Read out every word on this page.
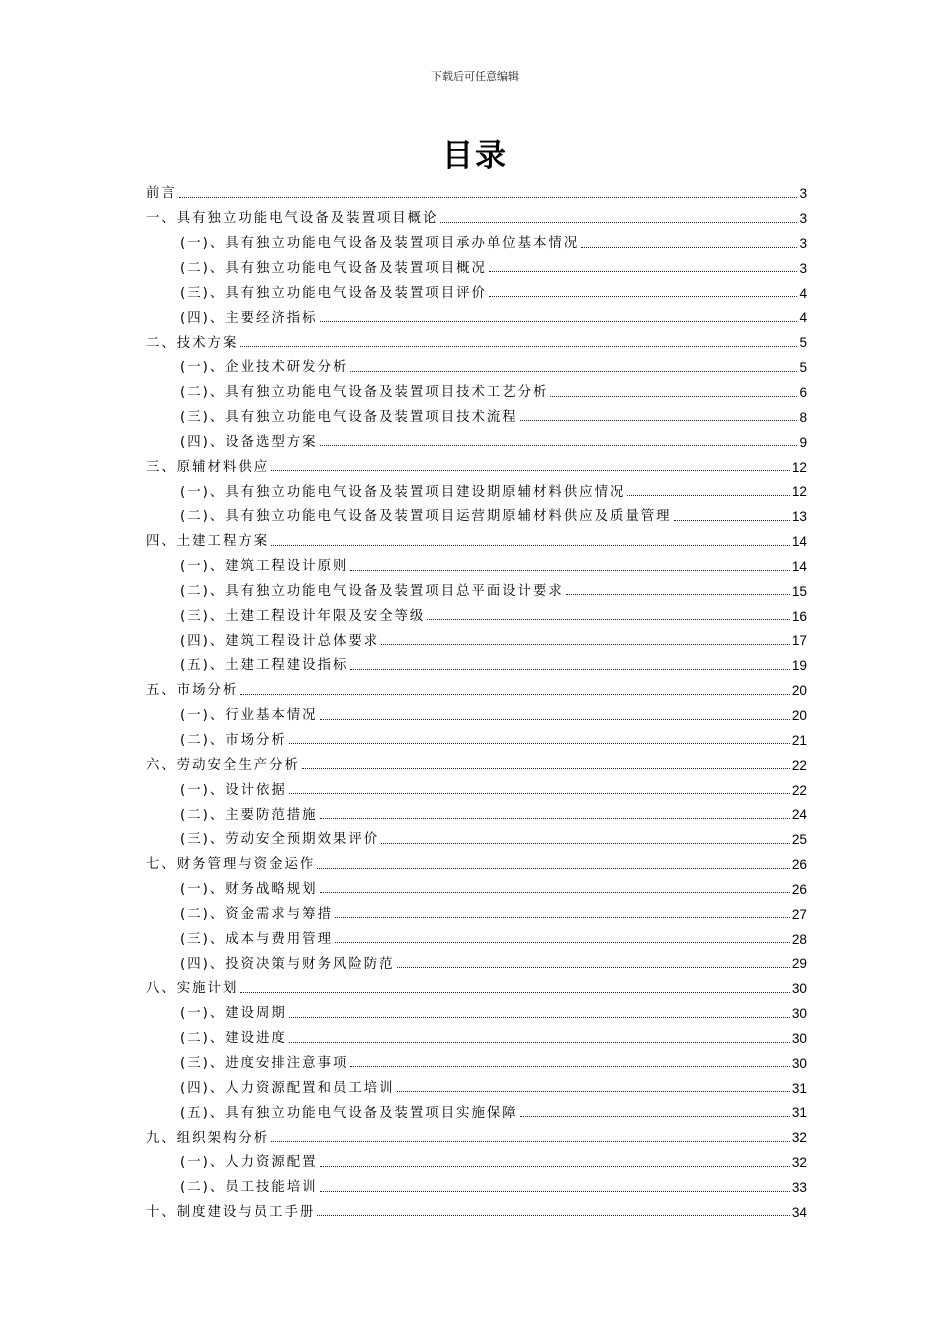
下载后可任意编辑
目录
前言	3
一、具有独立功能电气设备及装置项目概论	3
(一)、具有独立功能电气设备及装置项目承办单位基本情况	3
(二)、具有独立功能电气设备及装置项目概况	3
(三)、具有独立功能电气设备及装置项目评价	4
(四)、主要经济指标	4
二、技术方案	5
(一)、企业技术研发分析	5
(二)、具有独立功能电气设备及装置项目技术工艺分析	6
(三)、具有独立功能电气设备及装置项目技术流程	8
(四)、设备选型方案	9
三、原辅材料供应	12
(一)、具有独立功能电气设备及装置项目建设期原辅材料供应情况	12
(二)、具有独立功能电气设备及装置项目运营期原辅材料供应及质量管理	13
四、土建工程方案	14
(一)、建筑工程设计原则	14
(二)、具有独立功能电气设备及装置项目总平面设计要求	15
(三)、土建工程设计年限及安全等级	16
(四)、建筑工程设计总体要求	17
(五)、土建工程建设指标	19
五、市场分析	20
(一)、行业基本情况	20
(二)、市场分析	21
六、劳动安全生产分析	22
(一)、设计依据	22
(二)、主要防范措施	24
(三)、劳动安全预期效果评价	25
七、财务管理与资金运作	26
(一)、财务战略规划	26
(二)、资金需求与筹措	27
(三)、成本与费用管理	28
(四)、投资决策与财务风险防范	29
八、实施计划	30
(一)、建设周期	30
(二)、建设进度	30
(三)、进度安排注意事项	30
(四)、人力资源配置和员工培训	31
(五)、具有独立功能电气设备及装置项目实施保障	31
九、组织架构分析	32
(一)、人力资源配置	32
(二)、员工技能培训	33
十、制度建设与员工手册	34
